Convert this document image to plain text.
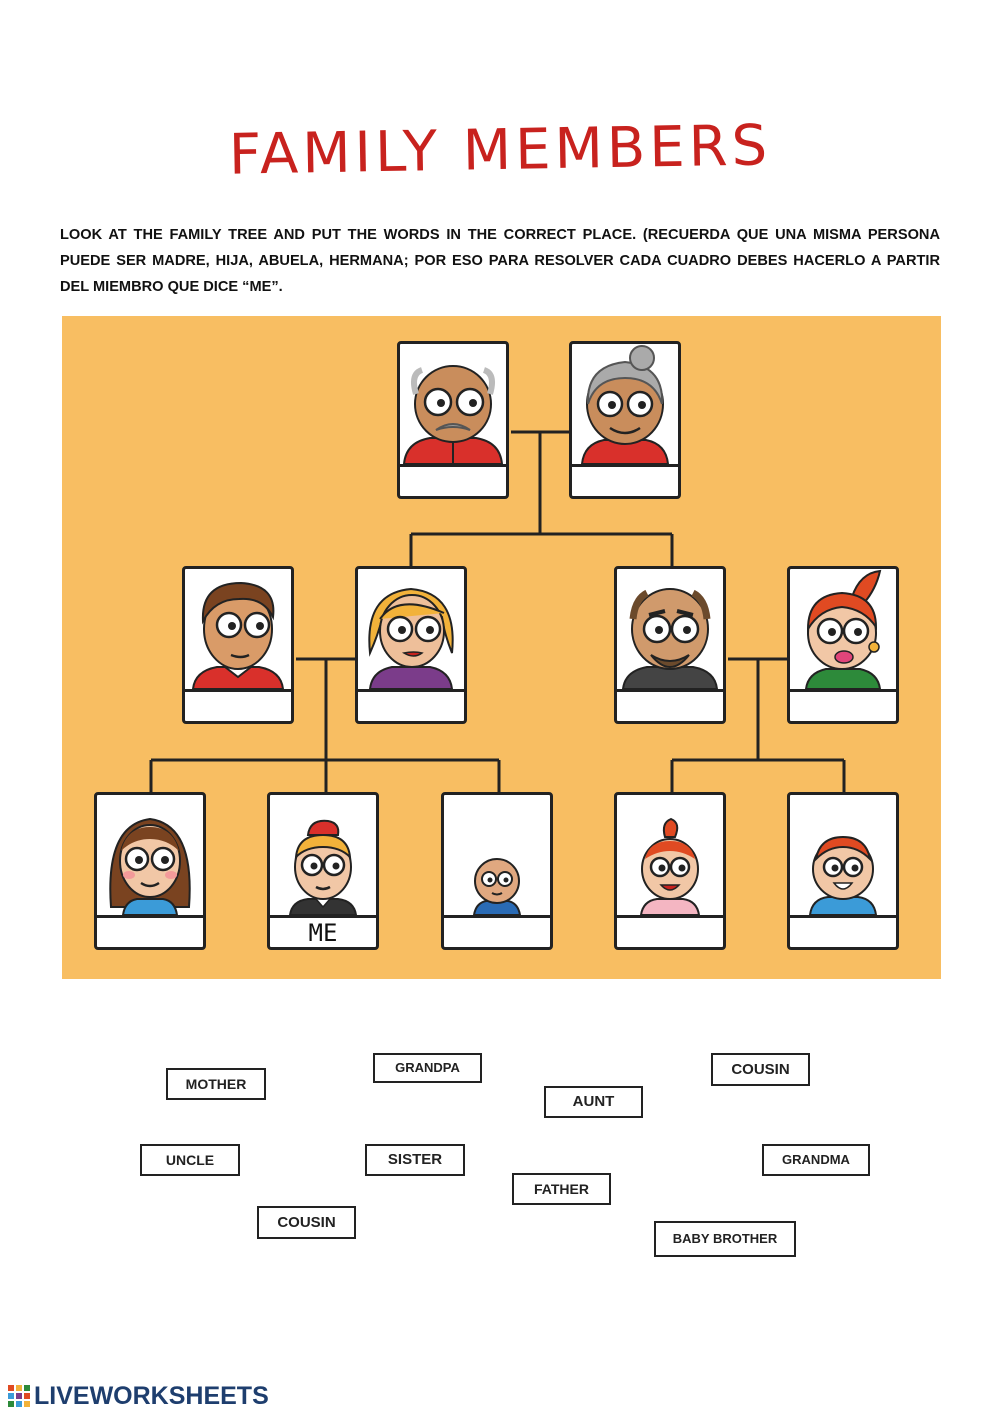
FAMILY MEMBERS
LOOK AT THE FAMILY TREE AND PUT THE WORDS IN THE CORRECT PLACE. (RECUERDA QUE UNA MISMA PERSONA PUEDE SER MADRE, HIJA, ABUELA, HERMANA; POR ESO PARA RESOLVER CADA CUADRO DEBES HACERLO A PARTIR DEL MIEMBRO QUE DICE “ME”.
ME
MOTHER
GRANDPA	COUSIN
AUNT
UNCLE	SISTER	GRANDMA
FATHER
COUSIN
BABY BROTHER
LIVEWORKSHEETS
